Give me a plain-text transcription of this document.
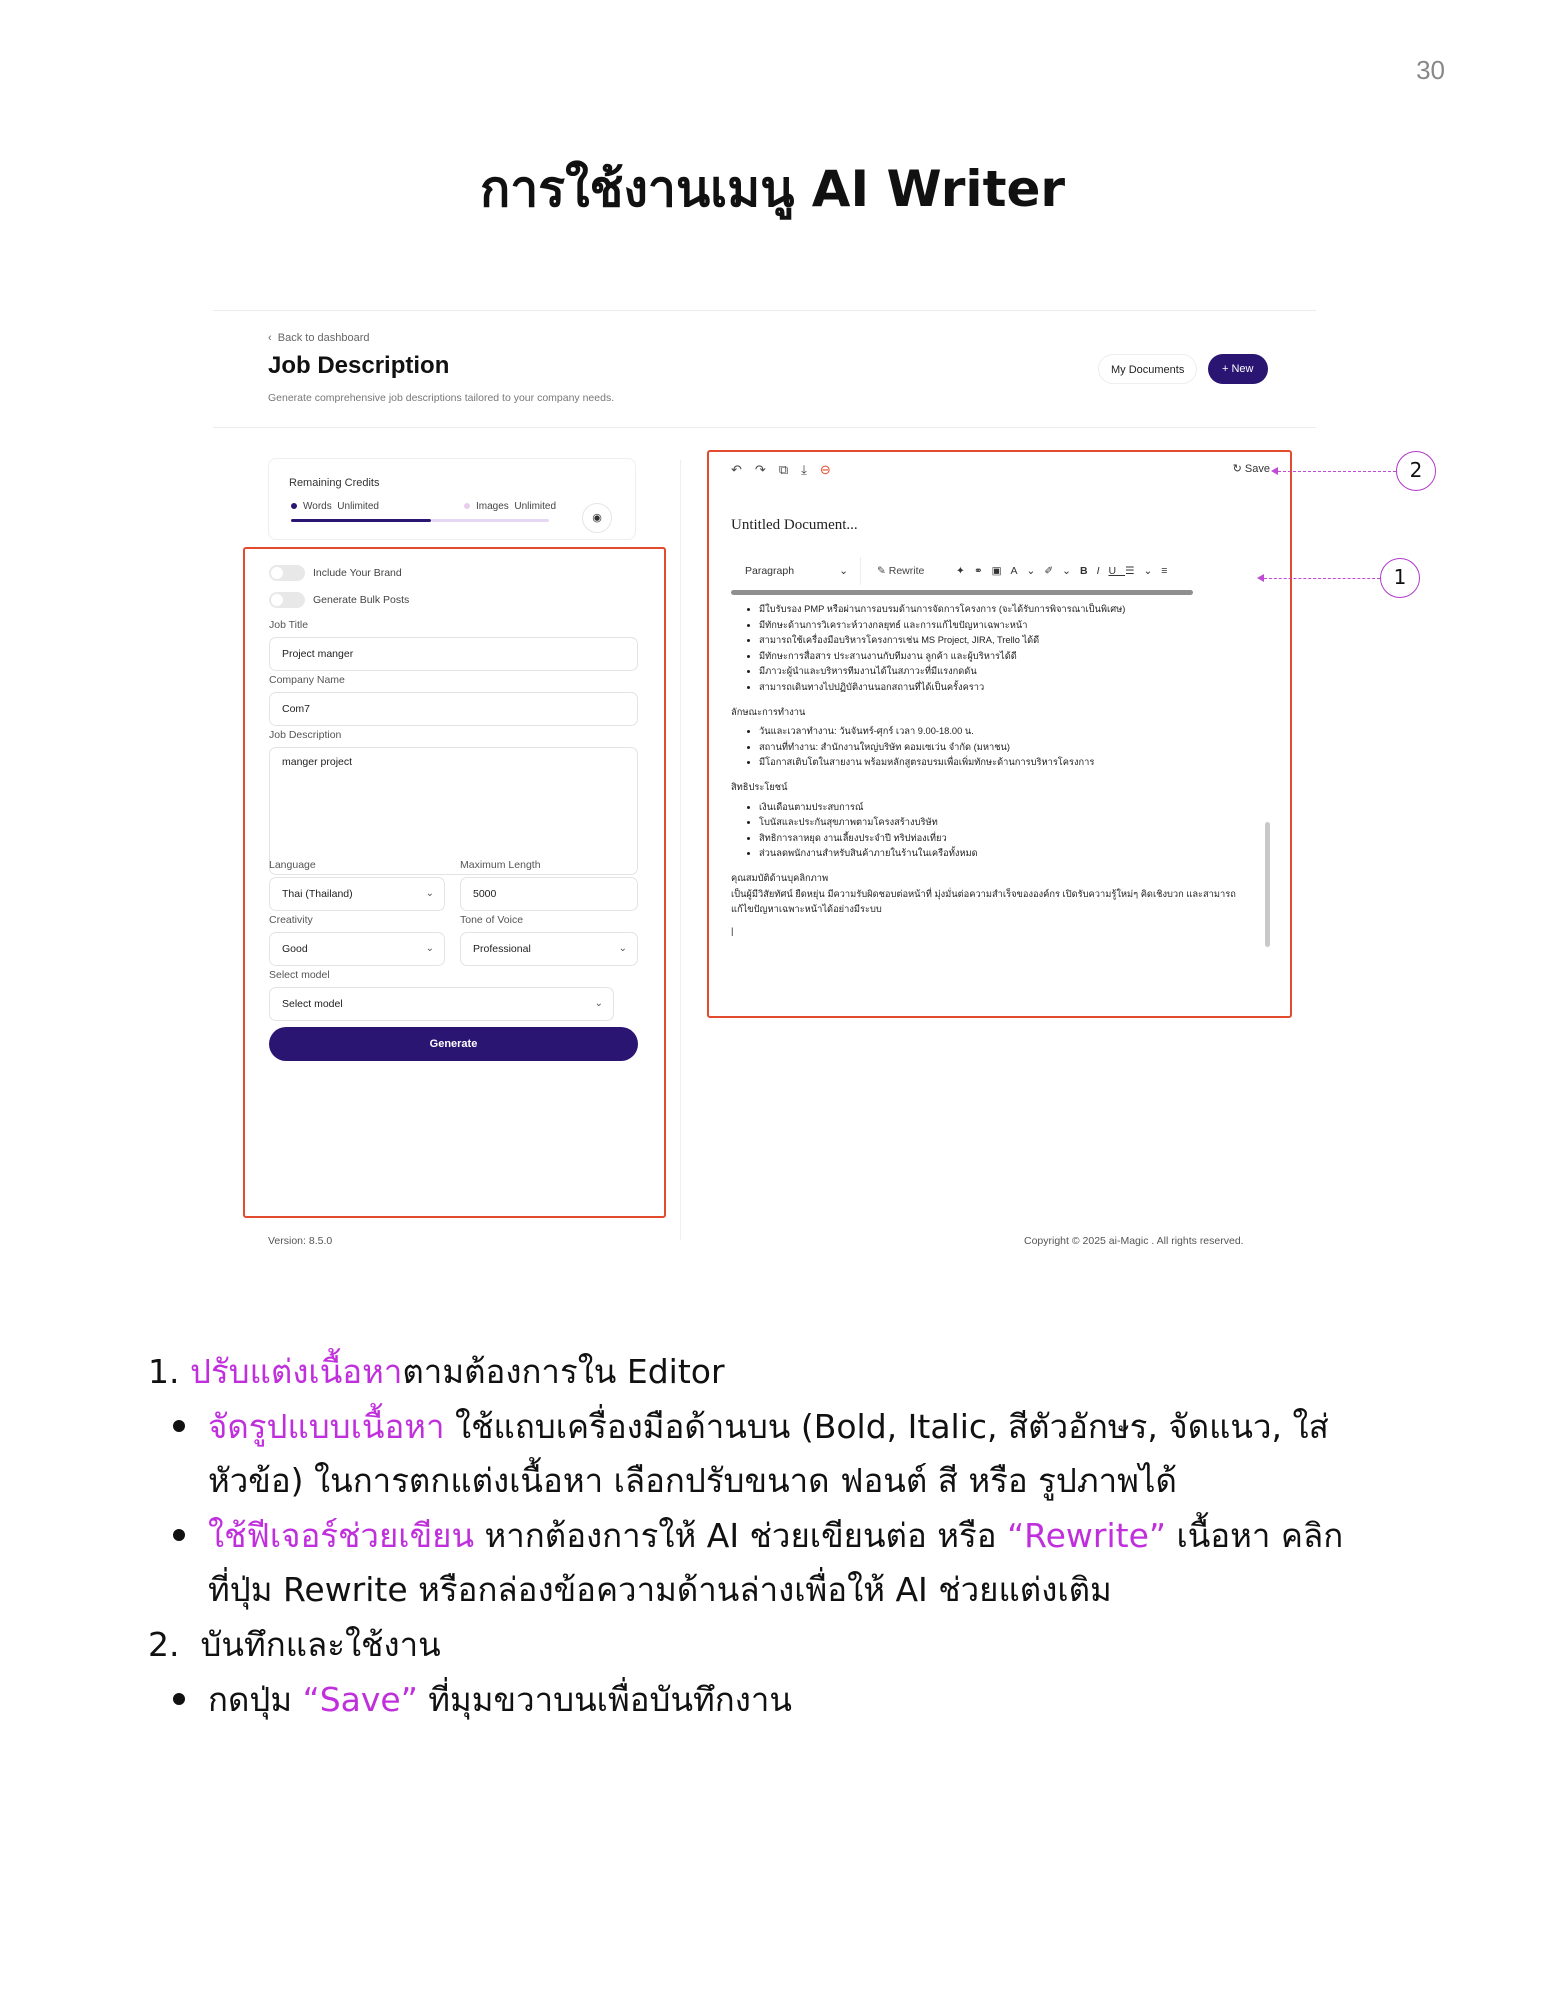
30
การใช้งานเมนู AI Writer
‹  Back to dashboard
Job Description
Generate comprehensive job descriptions tailored to your company needs.
My Documents	+ New
Remaining Credits
Words Unlimited	Images Unlimited
◉
Include Your Brand
Generate Bulk Posts
Job Title
Project manger
Company Name
Com7
Job Description
manger project
Language
Thai (Thailand)	⌄
Maximum Length
5000
Creativity
Good	⌄
Tone of Voice
Professional	⌄
Select model
Select model	⌄
Generate
↶↷⧉⤓⊖	↻ Save
Untitled Document...
Paragraph	⌄	✎ Rewrite	✦⚭▣A⌄✐⌄BIU☰⌄≡
• มีใบรับรอง PMP หรือผ่านการอบรมด้านการจัดการโครงการ (จะได้รับการพิจารณาเป็นพิเศษ)
• มีทักษะด้านการวิเคราะห์วางกลยุทธ์ และการแก้ไขปัญหาเฉพาะหน้า
• สามารถใช้เครื่องมือบริหารโครงการเช่น MS Project, JIRA, Trello ได้ดี
• มีทักษะการสื่อสาร ประสานงานกับทีมงาน ลูกค้า และผู้บริหารได้ดี
• มีภาวะผู้นำและบริหารทีมงานได้ในสภาวะที่มีแรงกดดัน
• สามารถเดินทางไปปฏิบัติงานนอกสถานที่ได้เป็นครั้งคราว
ลักษณะการทำงาน
• วันและเวลาทำงาน: วันจันทร์-ศุกร์ เวลา 9.00-18.00 น.
• สถานที่ทำงาน: สำนักงานใหญ่บริษัท คอมเซเว่น จำกัด (มหาชน)
• มีโอกาสเติบโตในสายงาน พร้อมหลักสูตรอบรมเพื่อเพิ่มทักษะด้านการบริหารโครงการ
สิทธิประโยชน์
• เงินเดือนตามประสบการณ์
• โบนัสและประกันสุขภาพตามโครงสร้างบริษัท
• สิทธิการลาหยุด งานเลี้ยงประจำปี ทริปท่องเที่ยว
• ส่วนลดพนักงานสำหรับสินค้าภายในร้านในเครือทั้งหมด
คุณสมบัติด้านบุคลิกภาพ
เป็นผู้มีวิสัยทัศน์ ยืดหยุ่น มีความรับผิดชอบต่อหน้าที่ มุ่งมั่นต่อความสำเร็จขององค์กร เปิดรับความรู้ใหม่ๆ คิดเชิงบวก และสามารถแก้ไขปัญหาเฉพาะหน้าได้อย่างมีระบบ
|
Version: 8.5.0	Copyright © 2025 ai-Magic . All rights reserved.
2
1
1. ปรับแต่งเนื้อหาตามต้องการใน Editor
จัดรูปแบบเนื้อหา ใช้แถบเครื่องมือด้านบน (Bold, Italic, สีตัวอักษร, จัดแนว, ใส่
หัวข้อ) ในการตกแต่งเนื้อหา เลือกปรับขนาด ฟอนต์ สี หรือ รูปภาพได้
ใช้ฟีเจอร์ช่วยเขียน หากต้องการให้ AI ช่วยเขียนต่อ หรือ “Rewrite” เนื้อหา คลิก
ที่ปุ่ม Rewrite หรือกล่องข้อความด้านล่างเพื่อให้ AI ช่วยแต่งเติม
2. บันทึกและใช้งาน
กดปุ่ม “Save” ที่มุมขวาบนเพื่อบันทึกงาน
